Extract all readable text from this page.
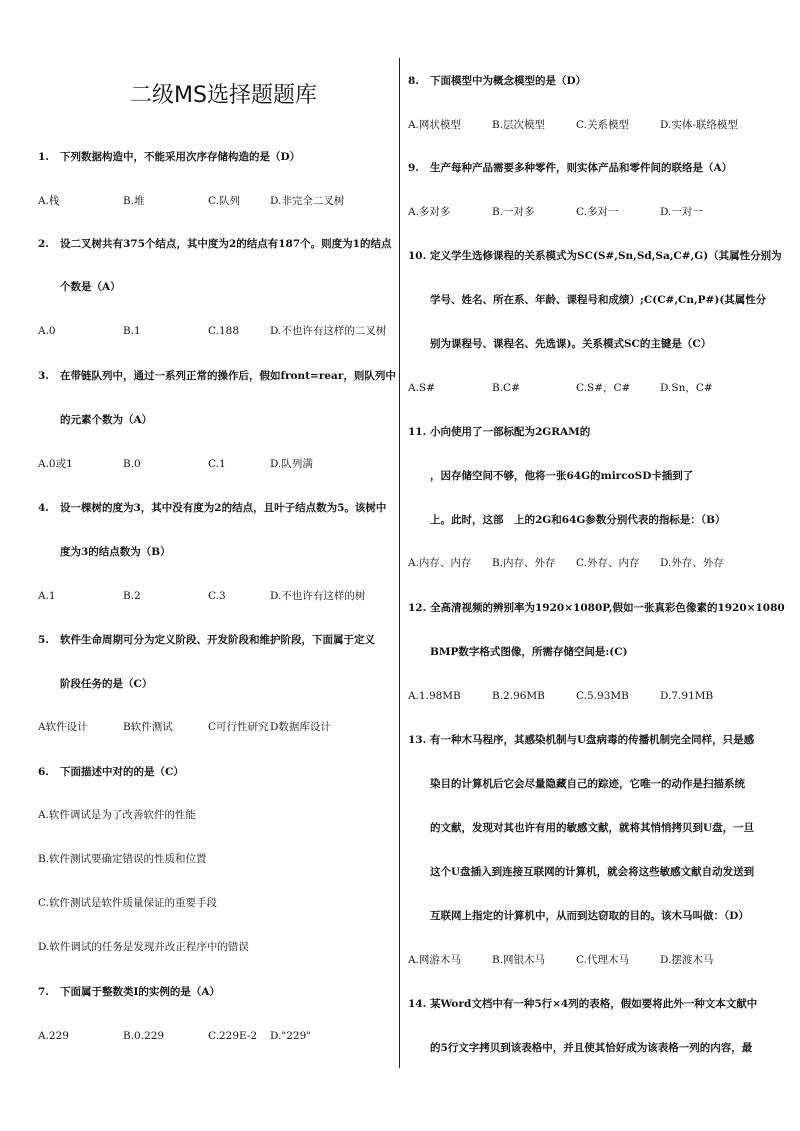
二级MS选择题题库
1. 下列数据构造中，不能采用次序存储构造的是（D）
A.栈	B.堆	C.队列	D.非完全二叉树
2. 设二叉树共有375个结点，其中度为2的结点有187个。则度为1的结点
个数是（A）
A.0	B.1	C.188	D.不也许有这样的二叉树
3. 在带链队列中，通过一系列正常的操作后，假如front=rear，则队列中
的元素个数为（A）
A.0或1	B.0	C.1	D.队列满
4. 设一棵树的度为3，其中没有度为2的结点，且叶子结点数为5。该树中
度为3的结点数为（B）
A.1	B.2	C.3	D.不也许有这样的树
5. 软件生命周期可分为定义阶段、开发阶段和维护阶段，下面属于定义
阶段任务的是（C）
A软件设计	B软件测试	C可行性研究 D数据库设计
6. 下面描述中对的的是（C）
A.软件调试是为了改善软件的性能
B.软件测试要确定错误的性质和位置
C.软件测试是软件质量保证的重要手段
D.软件调试的任务是发现并改正程序中的错误
7. 下面属于整数类I的实例的是（A）
A.229	B.0.229	C.229E-2 D."229"
8. 下面模型中为概念模型的是（D）
A.网状模型	B.层次模型	C.关系模型	D.实体-联络模型
9. 生产每种产品需要多种零件，则实体产品和零件间的联络是（A）
A.多对多	B.一对多	C.多对一	D.一对一
10. 定义学生选修课程的关系模式为SC(S#,Sn,Sd,Sa,C#,G)（其属性分别为
学号、姓名、所在系、年龄、课程号和成绩）;C(C#,Cn,P#)(其属性分
别为课程号、课程名、先选课)。关系模式SC的主键是（C）
A.S#	B.C#	C.S#，C#	D.Sn，C#
11. 小向使用了一部标配为2GRAM的
，因存储空间不够，他将一张64G的mircoSD卡插到了
上。此时，这部　上的2G和64G参数分别代表的指标是：（B）
A.内存、内存 B.内存、外存 C.外存、内存 D.外存、外存
12. 全高清视频的辨别率为1920×1080P,假如一张真彩色像素的1920×1080
BMP数字格式图像，所需存储空间是:(C)
A.1.98MB	B.2.96MB	C.5.93MB	D.7.91MB
13. 有一种木马程序，其感染机制与U盘病毒的传播机制完全同样，只是感
染目的计算机后它会尽量隐藏自己的踪迹，它唯一的动作是扫描系统
的文献，发现对其也许有用的敏感文献，就将其悄悄拷贝到U盘，一旦
这个U盘插入到连接互联网的计算机，就会将这些敏感文献自动发送到
互联网上指定的计算机中，从而到达窃取的目的。该木马叫做：（D）
A.网游木马	B.网银木马	C.代理木马	D.摆渡木马
14. 某Word文档中有一种5行×4列的表格，假如要将此外一种文本文献中
的5行文字拷贝到该表格中，并且使其恰好成为该表格一列的内容，最
